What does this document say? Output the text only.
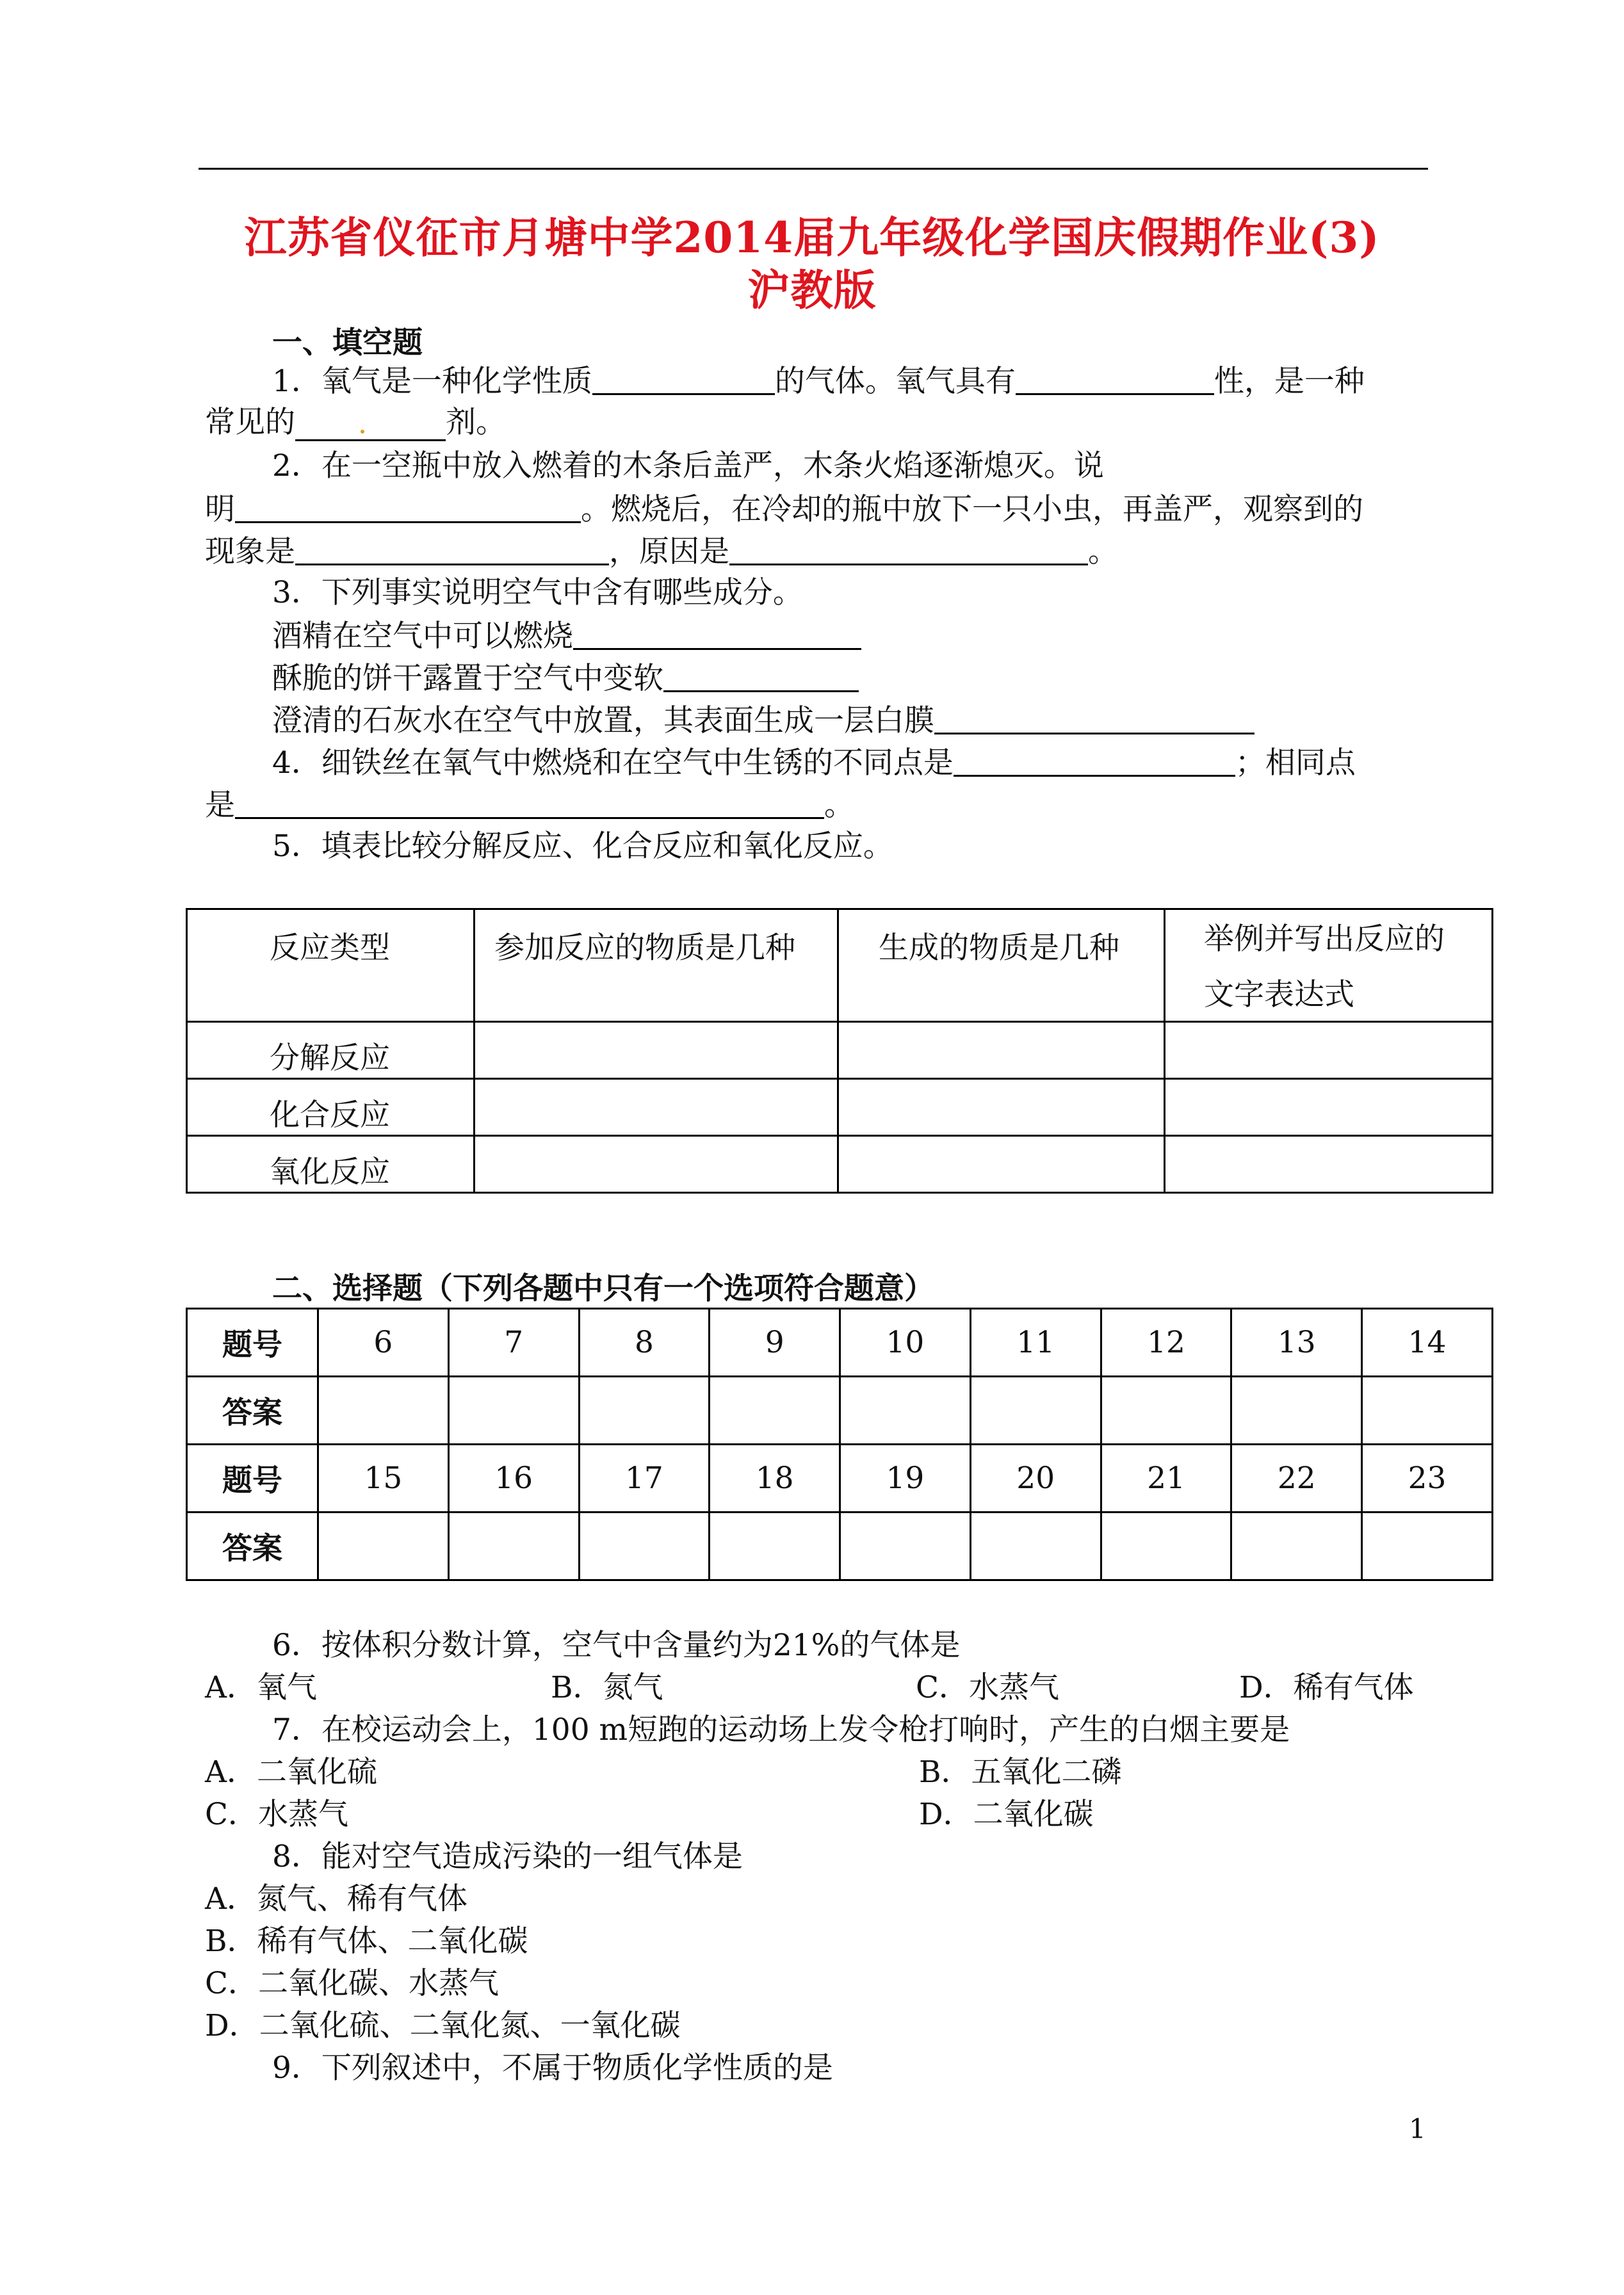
江苏省仪征市月塘中学2014届九年级化学国庆假期作业(3)
沪教版
一、填空题
1．氧气是一种化学性质	的气体。氧气具有	性，是一种
常见的	剂。
2．在一空瓶中放入燃着的木条后盖严，木条火焰逐渐熄灭。说
明	。燃烧后，在冷却的瓶中放下一只小虫，再盖严，观察到的
现象是	，原因是	。
3．下列事实说明空气中含有哪些成分。
酒精在空气中可以燃烧
酥脆的饼干露置于空气中变软
澄清的石灰水在空气中放置，其表面生成一层白膜
4．细铁丝在氧气中燃烧和在空气中生锈的不同点是	；相同点
是	。
5．填表比较分解反应、化合反应和氧化反应。
反应类型	参加反应的物质是几种	生成的物质是几种	举例并写出反应的
文字表达式

分解反应			
化合反应			
氧化反应			
二、选择题（下列各题中只有一个选项符合题意）
题号	6	7	8	9	10	11	12	13	14
答案									
题号	15	16	17	18	19	20	21	22	23
答案									
6．按体积分数计算，空气中含量约为21%的气体是
A．氧气	B．氮气	C．水蒸气	D．稀有气体
7．在校运动会上，100 m短跑的运动场上发令枪打响时，产生的白烟主要是
A．二氧化硫	B．五氧化二磷
C．水蒸气	D．二氧化碳
8．能对空气造成污染的一组气体是
A．氮气、稀有气体
B．稀有气体、二氧化碳
C．二氧化碳、水蒸气
D．二氧化硫、二氧化氮、一氧化碳
9．下列叙述中，不属于物质化学性质的是
1
